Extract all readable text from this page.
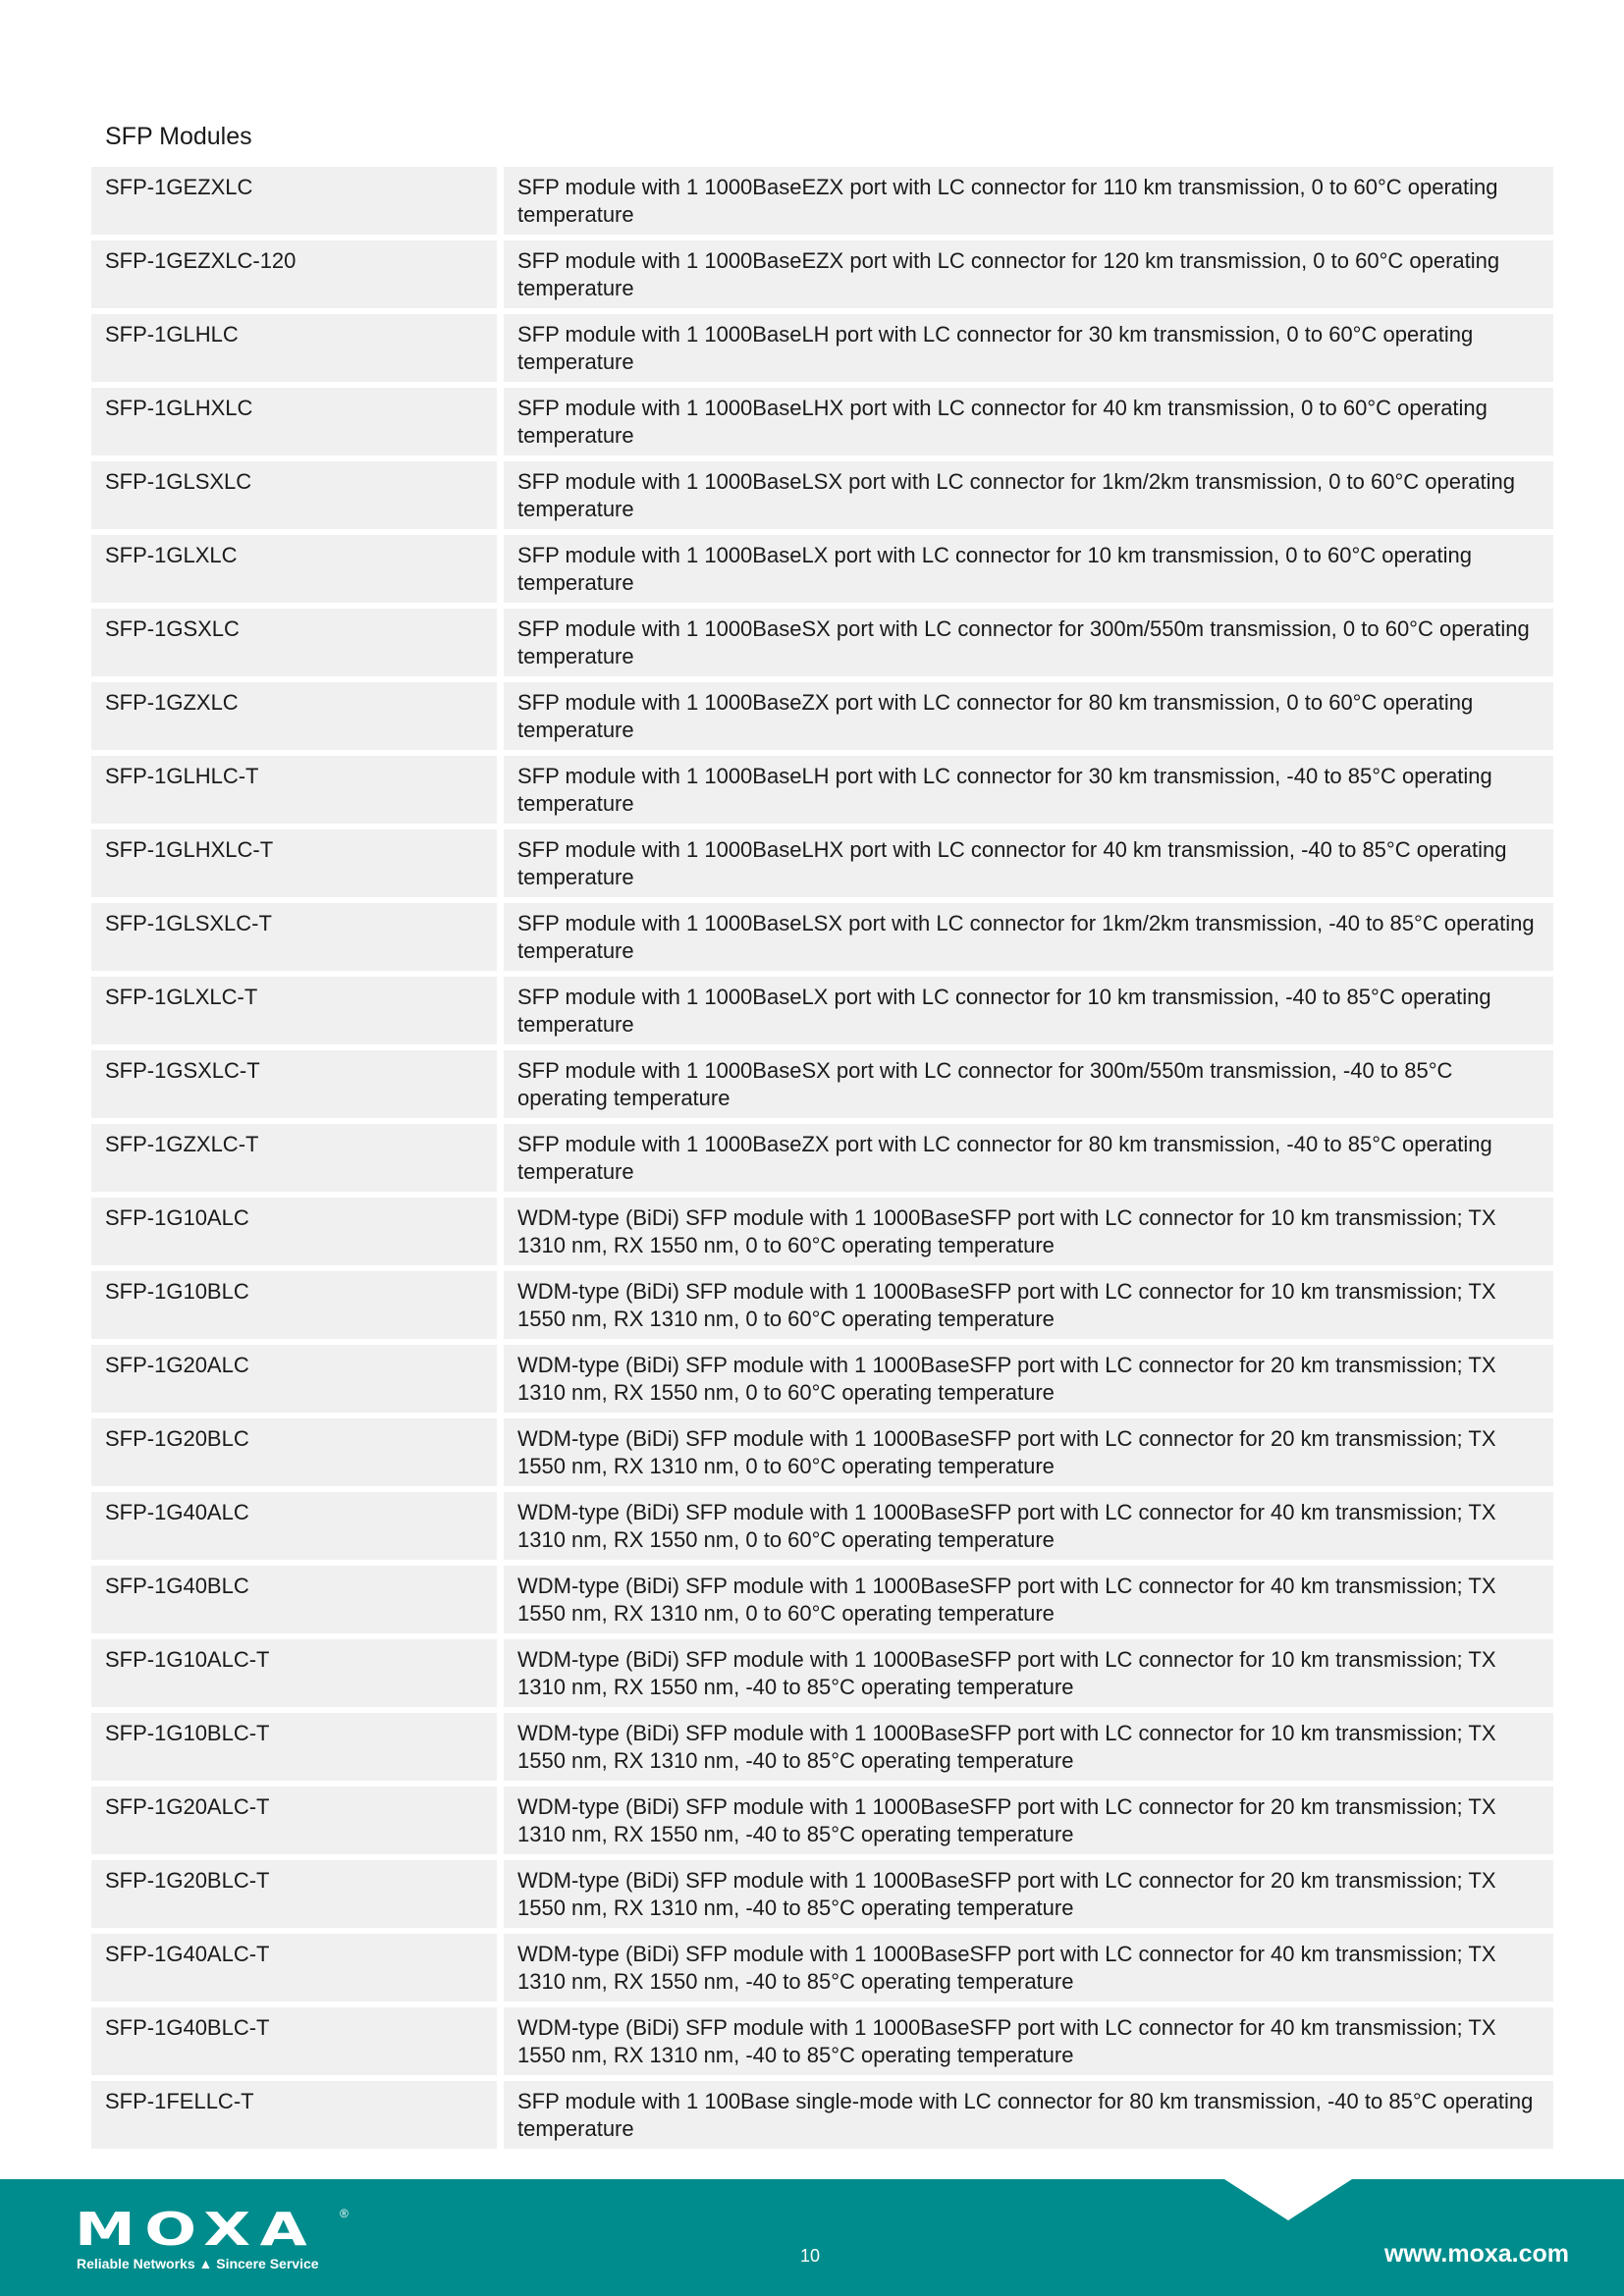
SFP Modules
SFP-1GEZXLC	SFP module with 1 1000BaseEZX port with LC connector for 110 km transmission, 0 to 60°C operating temperature
SFP-1GEZXLC-120	SFP module with 1 1000BaseEZX port with LC connector for 120 km transmission, 0 to 60°C operating temperature
SFP-1GLHLC	SFP module with 1 1000BaseLH port with LC connector for 30 km transmission, 0 to 60°C operating temperature
SFP-1GLHXLC	SFP module with 1 1000BaseLHX port with LC connector for 40 km transmission, 0 to 60°C operating temperature
SFP-1GLSXLC	SFP module with 1 1000BaseLSX port with LC connector for 1km/2km transmission, 0 to 60°C operating temperature
SFP-1GLXLC	SFP module with 1 1000BaseLX port with LC connector for 10 km transmission, 0 to 60°C operating temperature
SFP-1GSXLC	SFP module with 1 1000BaseSX port with LC connector for 300m/550m transmission, 0 to 60°C operating temperature
SFP-1GZXLC	SFP module with 1 1000BaseZX port with LC connector for 80 km transmission, 0 to 60°C operating temperature
SFP-1GLHLC-T	SFP module with 1 1000BaseLH port with LC connector for 30 km transmission, -40 to 85°C operating temperature
SFP-1GLHXLC-T	SFP module with 1 1000BaseLHX port with LC connector for 40 km transmission, -40 to 85°C operating temperature
SFP-1GLSXLC-T	SFP module with 1 1000BaseLSX port with LC connector for 1km/2km transmission, -40 to 85°C operating temperature
SFP-1GLXLC-T	SFP module with 1 1000BaseLX port with LC connector for 10 km transmission, -40 to 85°C operating temperature
SFP-1GSXLC-T	SFP module with 1 1000BaseSX port with LC connector for 300m/550m transmission, -40 to 85°C operating temperature
SFP-1GZXLC-T	SFP module with 1 1000BaseZX port with LC connector for 80 km transmission, -40 to 85°C operating temperature
SFP-1G10ALC	WDM-type (BiDi) SFP module with 1 1000BaseSFP port with LC connector for 10 km transmission; TX 1310 nm, RX 1550 nm, 0 to 60°C operating temperature
SFP-1G10BLC	WDM-type (BiDi) SFP module with 1 1000BaseSFP port with LC connector for 10 km transmission; TX 1550 nm, RX 1310 nm, 0 to 60°C operating temperature
SFP-1G20ALC	WDM-type (BiDi) SFP module with 1 1000BaseSFP port with LC connector for 20 km transmission; TX 1310 nm, RX 1550 nm, 0 to 60°C operating temperature
SFP-1G20BLC	WDM-type (BiDi) SFP module with 1 1000BaseSFP port with LC connector for 20 km transmission; TX 1550 nm, RX 1310 nm, 0 to 60°C operating temperature
SFP-1G40ALC	WDM-type (BiDi) SFP module with 1 1000BaseSFP port with LC connector for 40 km transmission; TX 1310 nm, RX 1550 nm, 0 to 60°C operating temperature
SFP-1G40BLC	WDM-type (BiDi) SFP module with 1 1000BaseSFP port with LC connector for 40 km transmission; TX 1550 nm, RX 1310 nm, 0 to 60°C operating temperature
SFP-1G10ALC-T	WDM-type (BiDi) SFP module with 1 1000BaseSFP port with LC connector for 10 km transmission; TX 1310 nm, RX 1550 nm, -40 to 85°C operating temperature
SFP-1G10BLC-T	WDM-type (BiDi) SFP module with 1 1000BaseSFP port with LC connector for 10 km transmission; TX 1550 nm, RX 1310 nm, -40 to 85°C operating temperature
SFP-1G20ALC-T	WDM-type (BiDi) SFP module with 1 1000BaseSFP port with LC connector for 20 km transmission; TX 1310 nm, RX 1550 nm, -40 to 85°C operating temperature
SFP-1G20BLC-T	WDM-type (BiDi) SFP module with 1 1000BaseSFP port with LC connector for 20 km transmission; TX 1550 nm, RX 1310 nm, -40 to 85°C operating temperature
SFP-1G40ALC-T	WDM-type (BiDi) SFP module with 1 1000BaseSFP port with LC connector for 40 km transmission; TX 1310 nm, RX 1550 nm, -40 to 85°C operating temperature
SFP-1G40BLC-T	WDM-type (BiDi) SFP module with 1 1000BaseSFP port with LC connector for 40 km transmission; TX 1550 nm, RX 1310 nm, -40 to 85°C operating temperature
SFP-1FELLC-T	SFP module with 1 100Base single-mode with LC connector for 80 km transmission, -40 to 85°C operating temperature
MOXA ®
Reliable Networks ▲ Sincere Service	10	www.moxa.com
